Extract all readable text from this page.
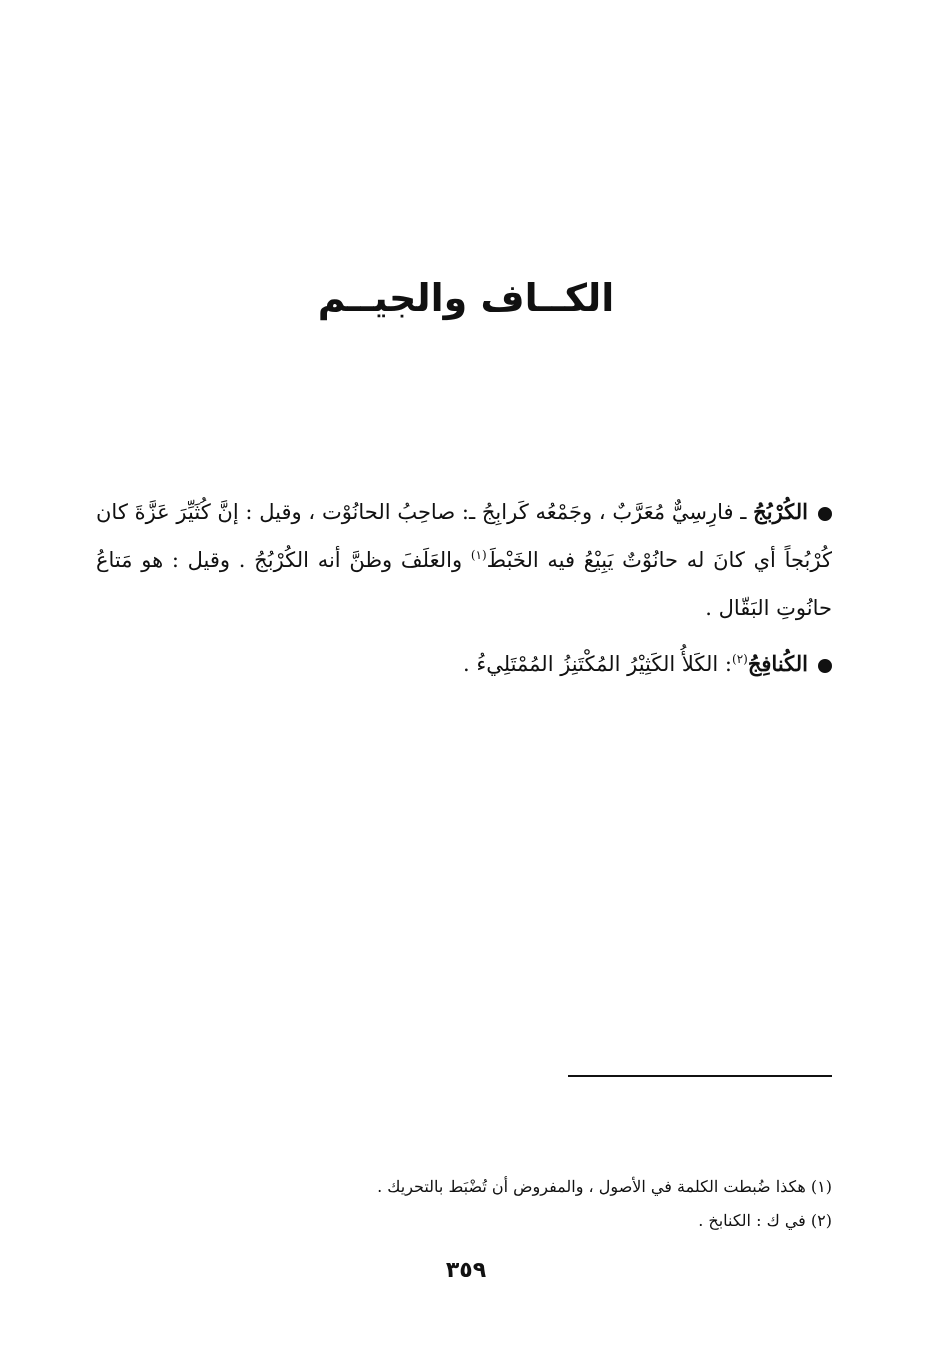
الكــاف والجيــم

الكُرْبُجُ ـ فارِسِيٌّ مُعَرَّبٌ ، وجَمْعُه كَرابِجُ ـ: صاحِبُ الحانُوْت ، وقيل : إنَّ كُثَيِّرَ عَزَّةَ كان كُرْبُجاً أي كانَ له حانُوْتٌ يَبِيْعُ فيه الخَبْطَ$^{(١)}$ والعَلَفَ وظنَّ أنه الكُرْبُجُ . وقيل : هو مَتاعُ حانُوتِ البَقّال .

الكُنافِجُ$^{(٢)}$: الكَلأُ الكَثِيْرُ المُكْتَنِزُ المُمْتَلِيءُ .

(١) هكذا ضُبطت الكلمة في الأصول ، والمفروض أن تُضْبَط بالتحريك .

(٢) في ك : الكنابخ .

٣٥٩
